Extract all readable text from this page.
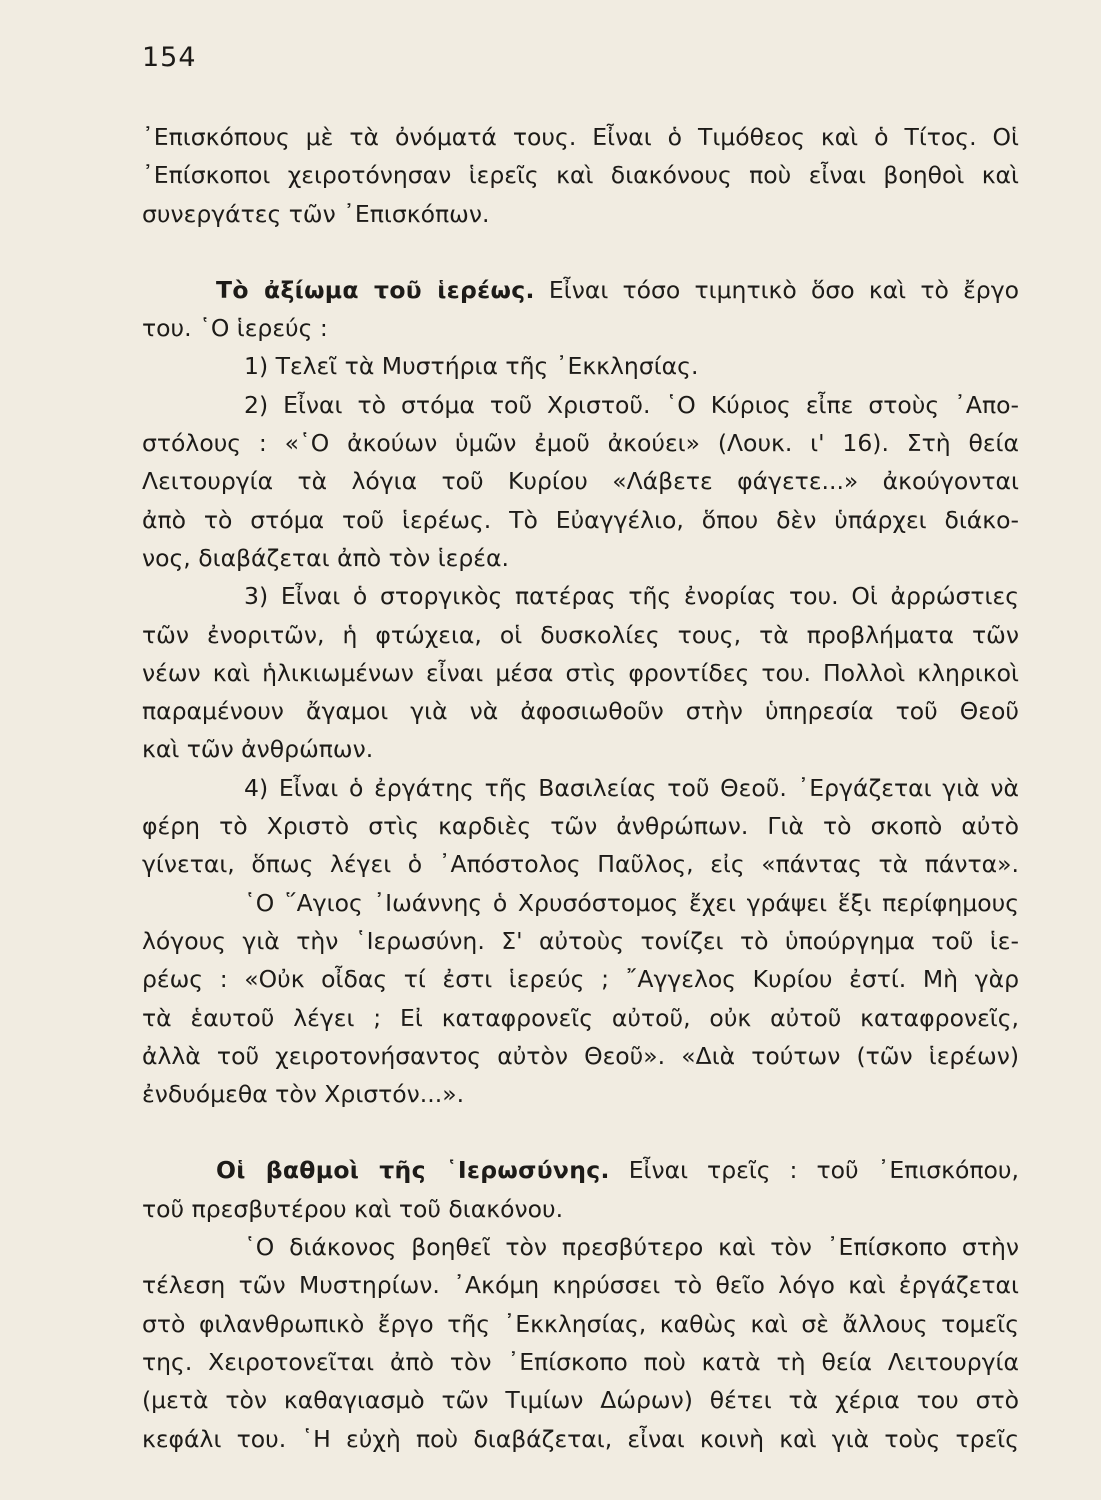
154
᾿Επισκόπους μὲ τὰ ὀνόματά τους. Εἶναι ὁ Τιμόθεος καὶ ὁ Τίτος. Οἱ
᾿Επίσκοποι χειροτόνησαν ἱερεῖς καὶ διακόνους ποὺ εἶναι βοηθοὶ καὶ
συνεργάτες τῶν ᾿Επισκόπων.
Τὸ ἀξίωμα τοῦ ἱερέως. Εἶναι τόσο τιμητικὸ ὅσο καὶ τὸ ἔργο
του. ῾Ο ἱερεύς :
1) Τελεῖ τὰ Μυστήρια τῆς ᾿Εκκλησίας.
2) Εἶναι τὸ στόμα τοῦ Χριστοῦ. ῾Ο Κύριος εἶπε στοὺς ᾿Απο-
στόλους : «῾Ο ἀκούων ὑμῶν ἐμοῦ ἀκούει» (Λουκ. ι' 16). Στὴ θεία
Λειτουργία τὰ λόγια τοῦ Κυρίου «Λάβετε φάγετε...» ἀκούγονται
ἀπὸ τὸ στόμα τοῦ ἱερέως. Τὸ Εὐαγγέλιο, ὅπου δὲν ὑπάρχει διάκο-
νος, διαβάζεται ἀπὸ τὸν ἱερέα.
3) Εἶναι ὁ στοργικὸς πατέρας τῆς ἐνορίας του. Οἱ ἀρρώστιες
τῶν ἐνοριτῶν, ἡ φτώχεια, οἱ δυσκολίες τους, τὰ προβλήματα τῶν
νέων καὶ ἡλικιωμένων εἶναι μέσα στὶς φροντίδες του. Πολλοὶ κληρικοὶ
παραμένουν ἄγαμοι γιὰ νὰ ἀφοσιωθοῦν στὴν ὑπηρεσία τοῦ Θεοῦ
καὶ τῶν ἀνθρώπων.
4) Εἶναι ὁ ἐργάτης τῆς Βασιλείας τοῦ Θεοῦ. ᾿Εργάζεται γιὰ νὰ
φέρη τὸ Χριστὸ στὶς καρδιὲς τῶν ἀνθρώπων. Γιὰ τὸ σκοπὸ αὐτὸ
γίνεται, ὅπως λέγει ὁ ᾿Απόστολος Παῦλος, εἰς «πάντας τὰ πάντα».
῾Ο ῞Αγιος ᾿Ιωάννης ὁ Χρυσόστομος ἔχει γράψει ἕξι περίφημους
λόγους γιὰ τὴν ῾Ιερωσύνη. Σ' αὐτοὺς τονίζει τὸ ὑπούργημα τοῦ ἱε-
ρέως : «Οὐκ οἶδας τί ἐστι ἱερεύς ; ῎Αγγελος Κυρίου ἐστί. Μὴ γὰρ
τὰ ἑαυτοῦ λέγει ; Εἰ καταφρονεῖς αὐτοῦ, οὐκ αὐτοῦ καταφρονεῖς,
ἀλλὰ τοῦ χειροτονήσαντος αὐτὸν Θεοῦ». «Διὰ τούτων (τῶν ἱερέων)
ἐνδυόμεθα τὸν Χριστόν...».
Οἱ βαθμοὶ τῆς ῾Ιερωσύνης. Εἶναι τρεῖς : τοῦ ᾿Επισκόπου,
τοῦ πρεσβυτέρου καὶ τοῦ διακόνου.
῾Ο διάκονος βοηθεῖ τὸν πρεσβύτερο καὶ τὸν ᾿Επίσκοπο στὴν
τέλεση τῶν Μυστηρίων. ᾿Ακόμη κηρύσσει τὸ θεῖο λόγο καὶ ἐργάζεται
στὸ φιλανθρωπικὸ ἔργο τῆς ᾿Εκκλησίας, καθὼς καὶ σὲ ἄλλους τομεῖς
της. Χειροτονεῖται ἀπὸ τὸν ᾿Επίσκοπο ποὺ κατὰ τὴ θεία Λειτουργία
(μετὰ τὸν καθαγιασμὸ τῶν Τιμίων Δώρων) θέτει τὰ χέρια του στὸ
κεφάλι του. ῾Η εὐχὴ ποὺ διαβάζεται, εἶναι κοινὴ καὶ γιὰ τοὺς τρεῖς
